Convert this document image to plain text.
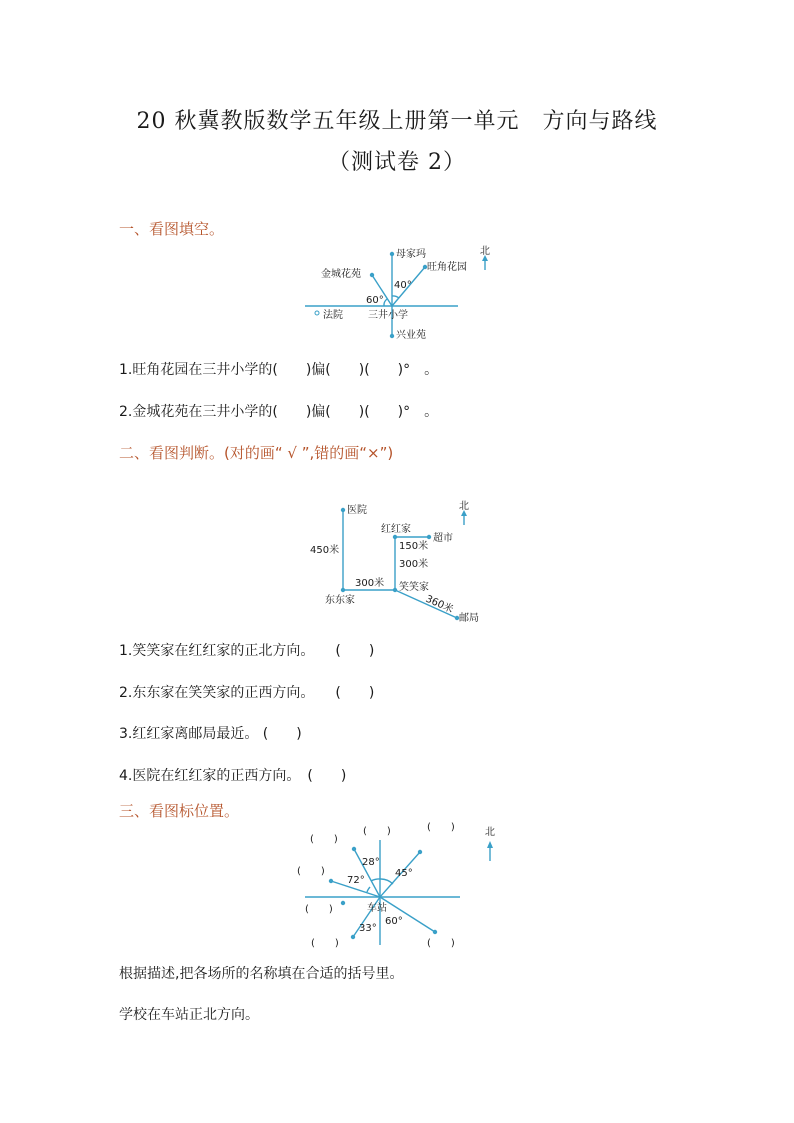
20 秋冀教版数学五年级上册第一单元　方向与路线
（测试卷 2）
一、看图填空。
母家玛
旺角花园
金城花苑
法院	三井小学
兴业苑
60°
40°
北
1.旺角花园在三井小学的(　　)偏(　　)(　　)°　。
2.金城花苑在三井小学的(　　)偏(　　)(　　)°　。
二、看图判断。(对的画“ √ ”,错的画“×”)
医院
红红家
超市
东东家
笑笑家
邮局
450米	150米
300米
300米
360米
北
1.笑笑家在红红家的正北方向。　　(　　)
2.东东家在笑笑家的正西方向。　　(　　)
3.红红家离邮局最近。 (　　)
4.医院在红红家的正西方向。　(　　)
三、看图标位置。
28°
45°
72°
33°
60°
车站
(　　)
(　　)	(　　)
(　　)
(　　)
(　　)	(　　)
北
根据描述,把各场所的名称填在合适的括号里。
学校在车站正北方向。
